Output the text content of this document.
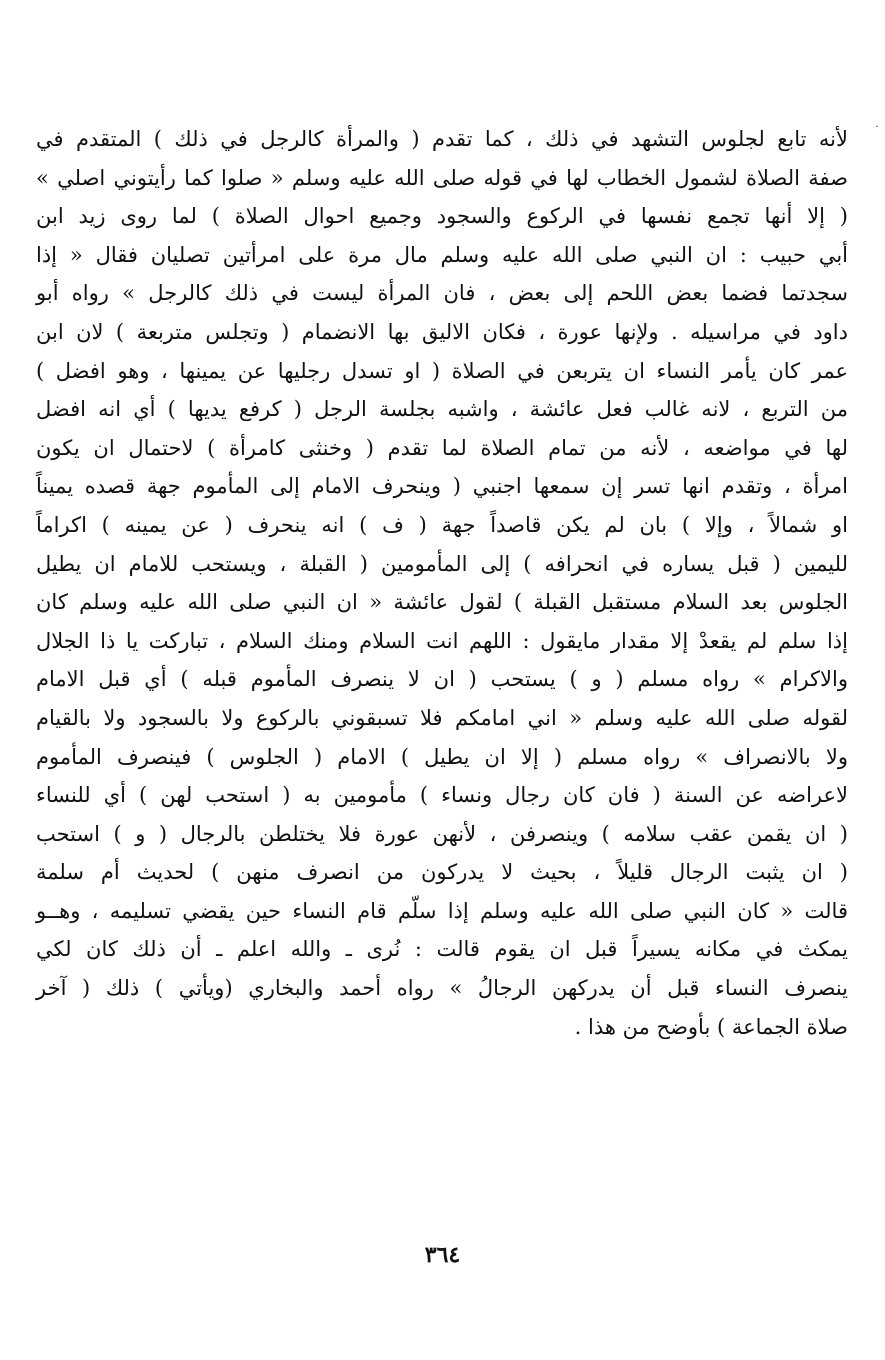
˙
لأنه تابع لجلوس التشهد في ذلك ، كما تقدم ( والمرأة كالرجل في ذلك ) المتقدم في
صفة الصلاة لشمول الخطاب لها في قوله صلى الله عليه وسلم « صلوا كما رأيتوني اصلي »
( إلا أنها تجمع نفسها في الركوع والسجود وجميع احوال الصلاة ) لما روى زيد ابن
أبي حبيب : ان النبي صلى الله عليه وسلم مال مرة على امرأتين تصليان فقال « إذا
سجدتما فضما بعض اللحم إلى بعض ، فان المرأة ليست في ذلك كالرجل » رواه أبو
داود في مراسيله . ولإنها عورة ، فكان الاليق بها الانضمام ( وتجلس متربعة ) لان ابن
عمر كان يأمر النساء ان يتربعن في الصلاة ( او تسدل رجليها عن يمينها ، وهو افضل )
من التربع ، لانه غالب فعل عائشة ، واشبه بجلسة الرجل ( كرفع يديها ) أي انه افضل
لها في مواضعه ، لأنه من تمام الصلاة لما تقدم ( وخنثى كامرأة ) لاحتمال ان يكون
امرأة ، وتقدم انها تسر إن سمعها اجنبي ( وينحرف الامام إلى المأموم جهة قصده يميناً
او شمالاً ، وإلا ) بان لم يكن قاصداً جهة ( ف ) انه ينحرف ( عن يمينه ) اكراماً
لليمين ( قبل يساره في انحرافه ) إلى المأمومين ( القبلة ، ويستحب للامام ان يطيل
الجلوس بعد السلام مستقبل القبلة ) لقول عائشة « ان النبي صلى الله عليه وسلم كان
إذا سلم لم يقعدْ إلا مقدار مايقول : اللهم انت السلام ومنك السلام ، تباركت يا ذا الجلال
والاكرام » رواه مسلم ( و ) يستحب ( ان لا ينصرف المأموم قبله ) أي قبل الامام
لقوله صلى الله عليه وسلم « اني امامكم فلا تسبقوني بالركوع ولا بالسجود ولا بالقيام
ولا بالانصراف » رواه مسلم ( إلا ان يطيل ) الامام ( الجلوس ) فينصرف المأموم
لاعراضه عن السنة ( فان كان رجال ونساء ) مأمومين به ( استحب لهن ) أي للنساء
( ان يقمن عقب سلامه ) وينصرفن ، لأنهن عورة فلا يختلطن بالرجال ( و ) استحب
( ان يثبت الرجال قليلاً ، بحيث لا يدركون من انصرف منهن ) لحديث أم سلمة
قالت « كان النبي صلى الله عليه وسلم إذا سلّم قام النساء حين يقضي تسليمه ، وهــو
يمكث في مكانه يسيراً قبل ان يقوم قالت : نُرى ـ والله اعلم ـ أن ذلك كان لكي
ينصرف النساء قبل أن يدركهن الرجالُ » رواه أحمد والبخاري (ويأتي ) ذلك ( آخر
صلاة الجماعة ) بأوضح من هذا .
٣٦٤
